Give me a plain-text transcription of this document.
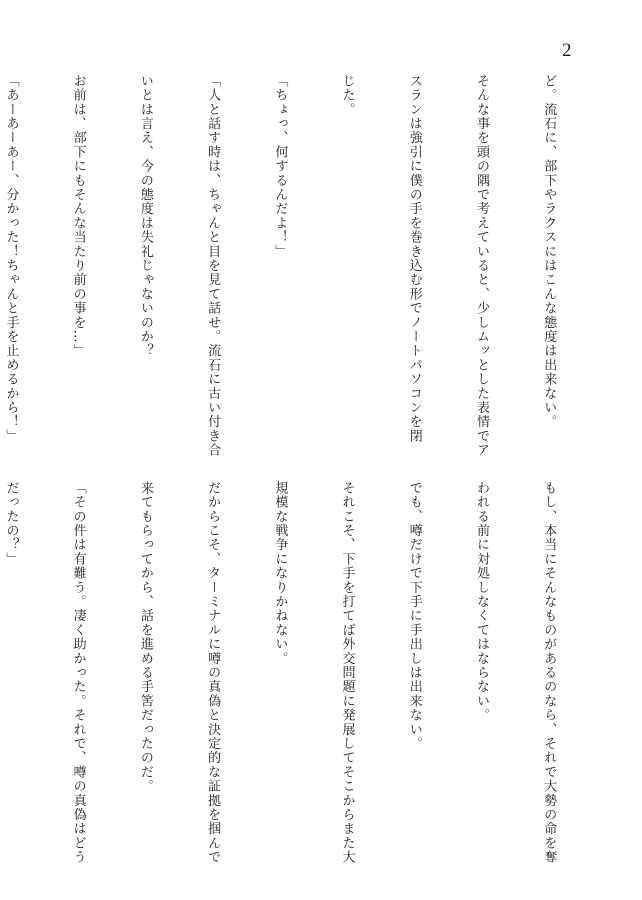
2

ど。流石に、部下やラクスにはこんな態度は出来ない。

そんな事を頭の隅で考えていると、少しムッとした表情でア

スランは強引に僕の手を巻き込む形でノートパソコンを閉

じた。

「ちょっ、何するんだよ！」

「人と話す時は、ちゃんと目を見て話せ。流石に古い付き合

いとは言え、今の態度は失礼じゃないのか？

お前は、部下にもそんな当たり前の事を…」

「あーあーあー、分かった！ちゃんと手を止めるから！」

もし、本当にそんなものがあるのなら、それで大勢の命を奪

われる前に対処しなくてはならない。

でも、噂だけで下手に手出しは出来ない。

それこそ、下手を打てば外交問題に発展してそこからまた大

規模な戦争になりかねない。

だからこそ、ターミナルに噂の真偽と決定的な証拠を掴んで

来てもらってから、話を進める手筈だったのだ。

「その件は有難う。凄く助かった。それで、噂の真偽はどう

だったの？」
